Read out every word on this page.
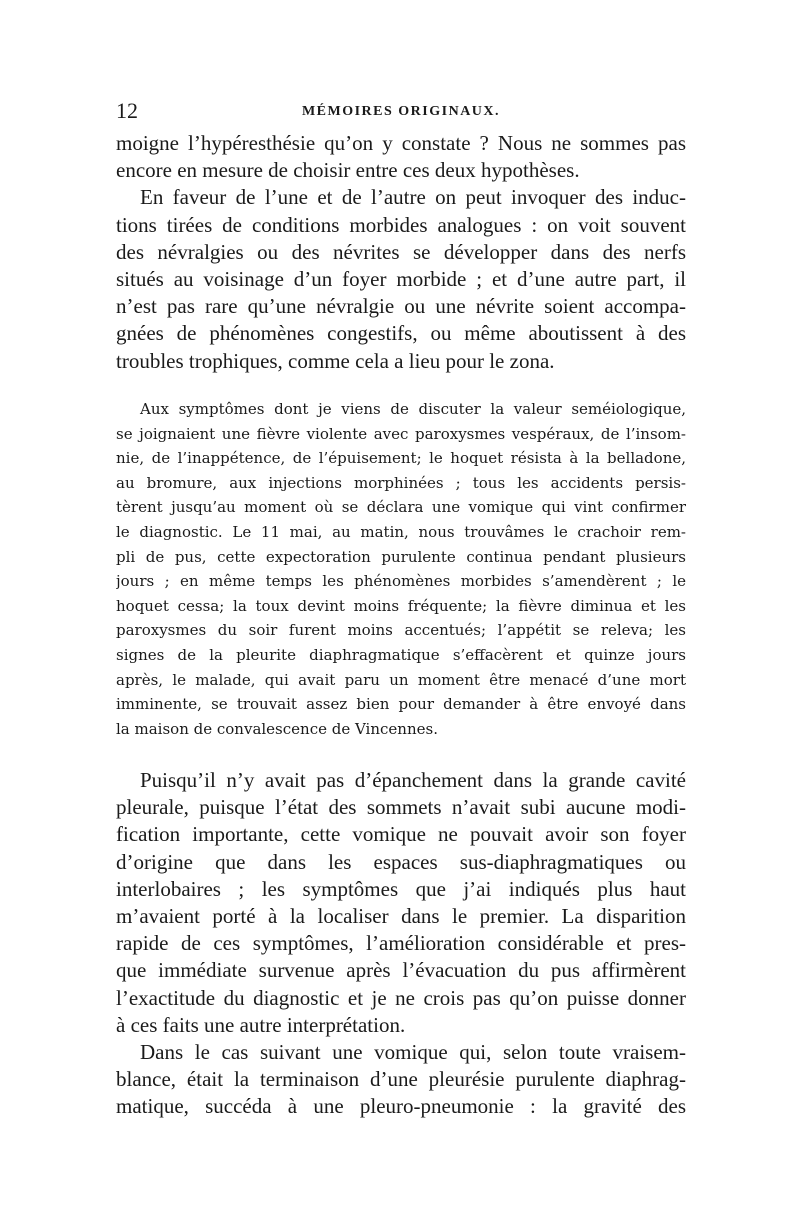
12	MÉMOIRES ORIGINAUX.
moigne l’hypéresthésie qu’on y constate ? Nous ne sommes pas
encore en mesure de choisir entre ces deux hypothèses.
En faveur de l’une et de l’autre on peut invoquer des induc-
tions tirées de conditions morbides analogues : on voit souvent
des névralgies ou des névrites se développer dans des nerfs
situés au voisinage d’un foyer morbide ; et d’une autre part, il
n’est pas rare qu’une névralgie ou une névrite soient accompa-
gnées de phénomènes congestifs, ou même aboutissent à des
troubles trophiques, comme cela a lieu pour le zona.
Aux symptômes dont je viens de discuter la valeur seméiologique,
se joignaient une fièvre violente avec paroxysmes vespéraux, de l’insom-
nie, de l’inappétence, de l’épuisement; le hoquet résista à la belladone,
au bromure, aux injections morphinées ; tous les accidents persis-
tèrent jusqu’au moment où se déclara une vomique qui vint confirmer
le diagnostic. Le 11 mai, au matin, nous trouvâmes le crachoir rem-
pli de pus, cette expectoration purulente continua pendant plusieurs
jours ; en même temps les phénomènes morbides s’amendèrent ; le
hoquet cessa; la toux devint moins fréquente; la fièvre diminua et les
paroxysmes du soir furent moins accentués; l’appétit se releva; les
signes de la pleurite diaphragmatique s’effacèrent et quinze jours
après, le malade, qui avait paru un moment être menacé d’une mort
imminente, se trouvait assez bien pour demander à être envoyé dans
la maison de convalescence de Vincennes.
Puisqu’il n’y avait pas d’épanchement dans la grande cavité
pleurale, puisque l’état des sommets n’avait subi aucune modi-
fication importante, cette vomique ne pouvait avoir son foyer
d’origine que dans les espaces sus-diaphragmatiques ou
interlobaires ; les symptômes que j’ai indiqués plus haut
m’avaient porté à la localiser dans le premier. La disparition
rapide de ces symptômes, l’amélioration considérable et pres-
que immédiate survenue après l’évacuation du pus affirmèrent
l’exactitude du diagnostic et je ne crois pas qu’on puisse donner
à ces faits une autre interprétation.
Dans le cas suivant une vomique qui, selon toute vraisem-
blance, était la terminaison d’une pleurésie purulente diaphrag-
matique, succéda à une pleuro-pneumonie : la gravité des
